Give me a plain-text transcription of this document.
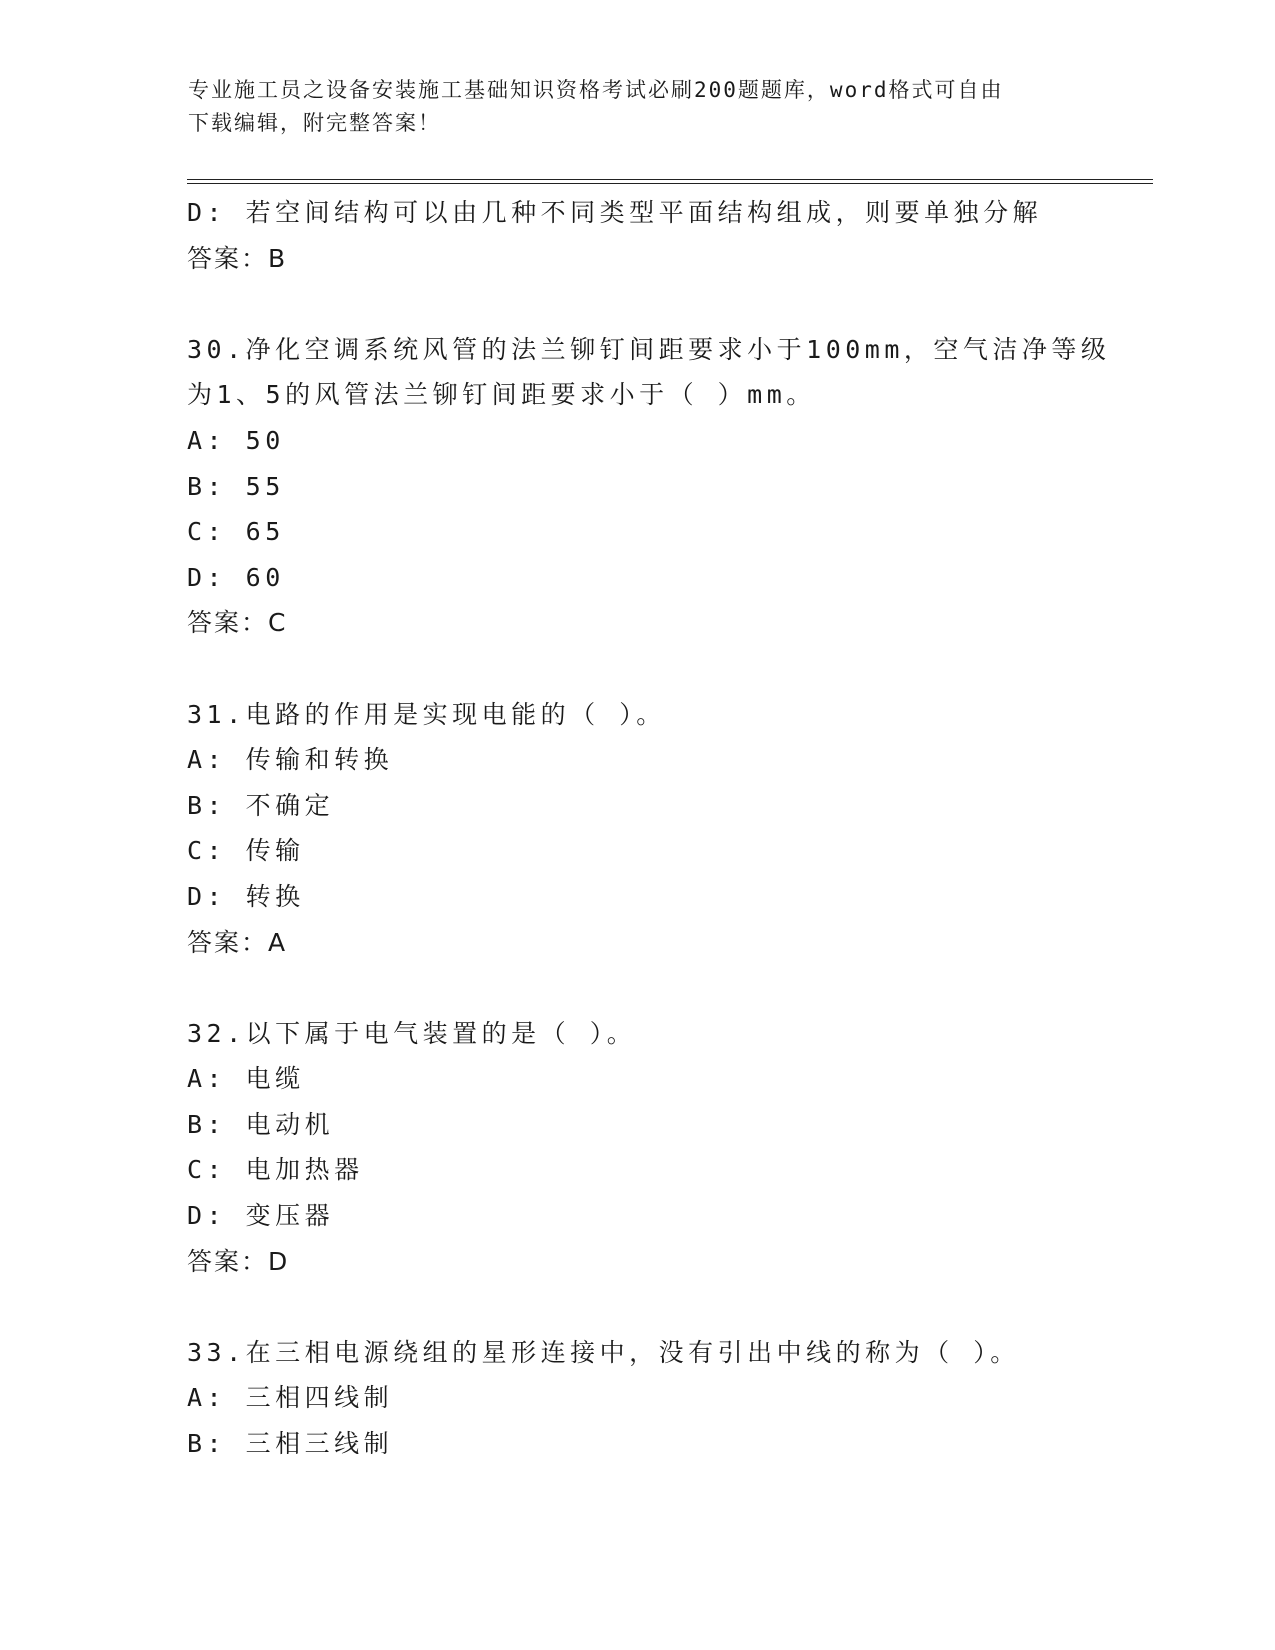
专业施工员之设备安装施工基础知识资格考试必刷200题题库，word格式可自由
下载编辑，附完整答案！
D: 若空间结构可以由几种不同类型平面结构组成，则要单独分解
答案：B
30.净化空调系统风管的法兰铆钉间距要求小于100mm，空气洁净等级
为1、5的风管法兰铆钉间距要求小于（ ）mm。
A: 50
B: 55
C: 65
D: 60
答案：C
31.电路的作用是实现电能的（ ）。
A: 传输和转换
B: 不确定
C: 传输
D: 转换
答案：A
32.以下属于电气装置的是（ ）。
A: 电缆
B: 电动机
C: 电加热器
D: 变压器
答案：D
33.在三相电源绕组的星形连接中，没有引出中线的称为（ ）。
A: 三相四线制
B: 三相三线制
